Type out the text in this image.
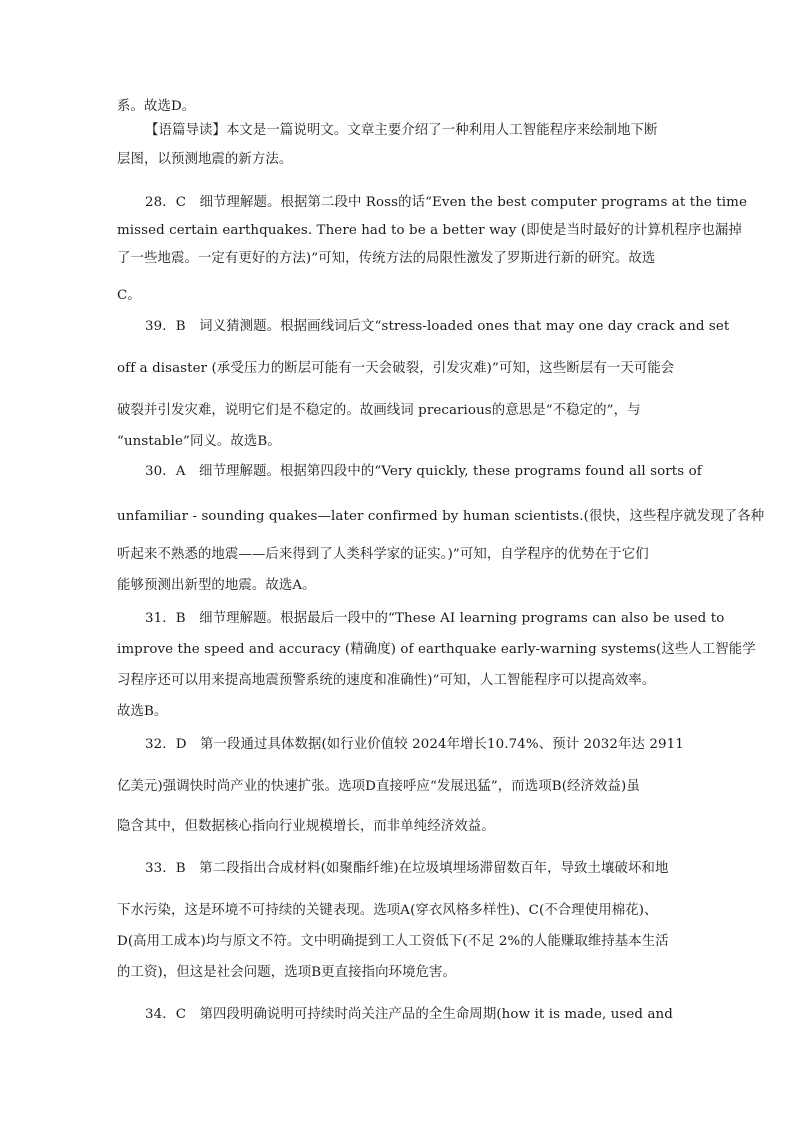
系。故选D。
【语篇导读】本文是一篇说明文。文章主要介绍了一种利用人工智能程序来绘制地下断
层图，以预测地震的新方法。
28．C　细节理解题。根据第二段中 Ross的话“Even the best computer programs at the time
missed certain earthquakes. There had to be a better way (即使是当时最好的计算机程序也漏掉
了一些地震。一定有更好的方法)”可知，传统方法的局限性激发了罗斯进行新的研究。故选
C。
39．B　词义猜测题。根据画线词后文“stress-loaded ones that may one day crack and set
off a disaster (承受压力的断层可能有一天会破裂，引发灾难)”可知，这些断层有一天可能会
破裂并引发灾难，说明它们是不稳定的。故画线词 precarious的意思是“不稳定的”，与
“unstable”同义。故选B。
30．A　细节理解题。根据第四段中的“Very quickly, these programs found all sorts of
unfamiliar - sounding quakes—later confirmed by human scientists.(很快，这些程序就发现了各种
听起来不熟悉的地震——后来得到了人类科学家的证实。)”可知，自学程序的优势在于它们
能够预测出新型的地震。故选A。
31．B　细节理解题。根据最后一段中的“These AI learning programs can also be used to
improve the speed and accuracy (精确度) of earthquake early-warning systems(这些人工智能学
习程序还可以用来提高地震预警系统的速度和准确性)”可知，人工智能程序可以提高效率。
故选B。
32．D　第一段通过具体数据(如行业价值较 2024年增长10.74%、预计 2032年达 2911
亿美元)强调快时尚产业的快速扩张。选项D直接呼应“发展迅猛”，而选项B(经济效益)虽
隐含其中，但数据核心指向行业规模增长，而非单纯经济效益。
33．B　第二段指出合成材料(如聚酯纤维)在垃圾填埋场滞留数百年，导致土壤破坏和地
下水污染，这是环境不可持续的关键表现。选项A(穿衣风格多样性)、C(不合理使用棉花)、
D(高用工成本)均与原文不符。文中明确提到工人工资低下(不足 2%的人能赚取维持基本生活
的工资)，但这是社会问题，选项B更直接指向环境危害。
34．C　第四段明确说明可持续时尚关注产品的全生命周期(how it is made, used and
